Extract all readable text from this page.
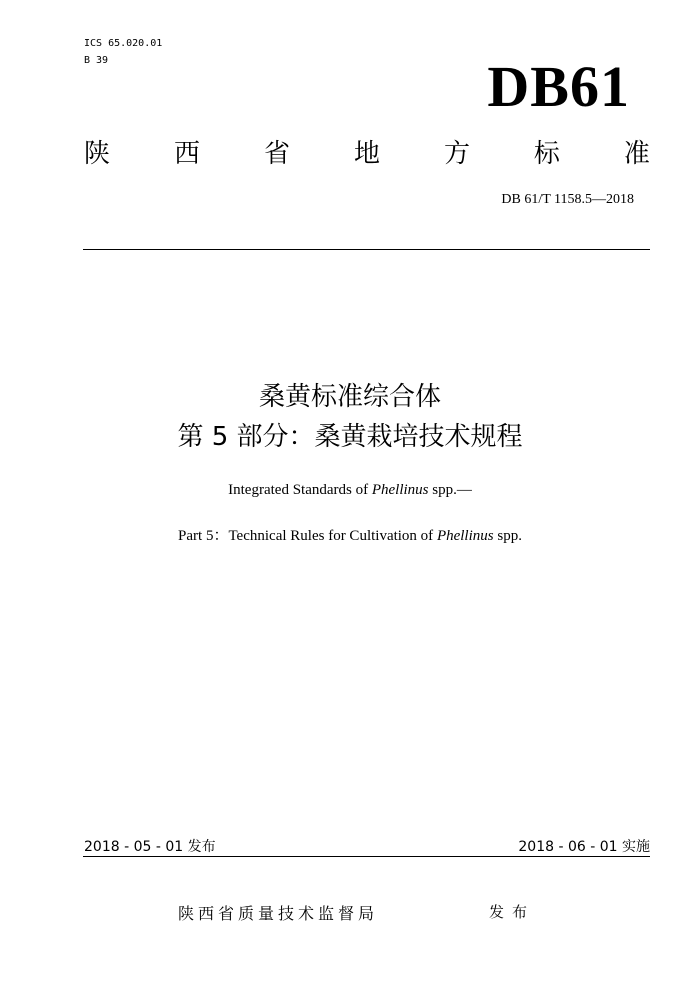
ICS 65.020.01
B 39	DB61
陕 西 省 地 方 标 准
DB 61/T 1158.5—2018
桑黄标准综合体
第 5 部分：桑黄栽培技术规程
Integrated Standards of Phellinus spp.—
Part 5：Technical Rules for Cultivation of Phellinus spp.
2018 - 05 - 01 发布	2018 - 06 - 01 实施
陕西省质量技术监督局	发布
